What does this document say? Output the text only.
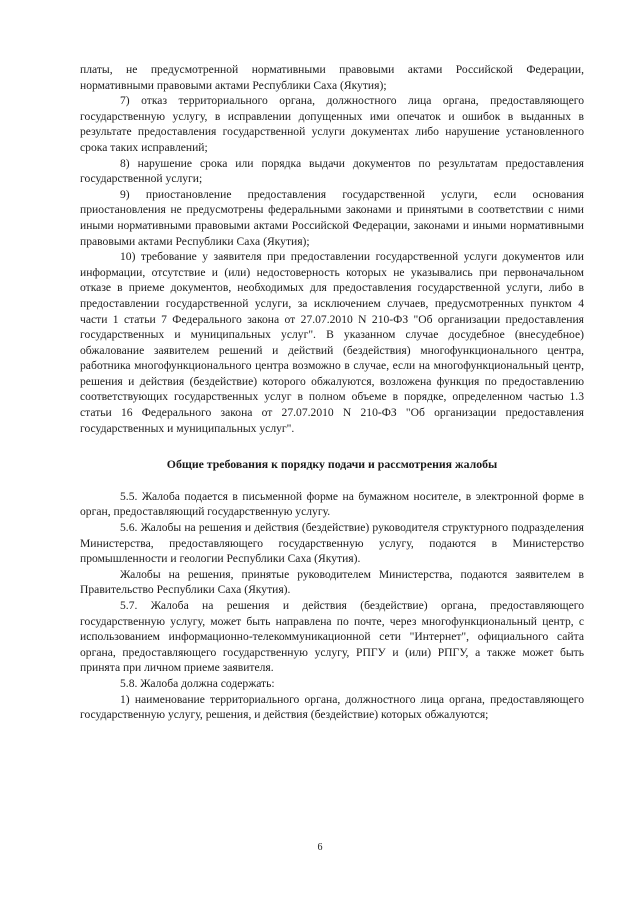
платы, не предусмотренной нормативными правовыми актами Российской Федерации, нормативными правовыми актами Республики Саха (Якутия);

7) отказ территориального органа, должностного лица органа, предоставляющего государственную услугу, в исправлении допущенных ими опечаток и ошибок в выданных в результате предоставления государственной услуги документах либо нарушение установленного срока таких исправлений;

8) нарушение срока или порядка выдачи документов по результатам предоставления государственной услуги;

9) приостановление предоставления государственной услуги, если основания приостановления не предусмотрены федеральными законами и принятыми в соответствии с ними иными нормативными правовыми актами Российской Федерации, законами и иными нормативными правовыми актами Республики Саха (Якутия);

10) требование у заявителя при предоставлении государственной услуги документов или информации, отсутствие и (или) недостоверность которых не указывались при первоначальном отказе в приеме документов, необходимых для предоставления государственной услуги, либо в предоставлении государственной услуги, за исключением случаев, предусмотренных пунктом 4 части 1 статьи 7 Федерального закона от 27.07.2010 N 210-ФЗ "Об организации предоставления государственных и муниципальных услуг". В указанном случае досудебное (внесудебное) обжалование заявителем решений и действий (бездействия) многофункционального центра, работника многофункционального центра возможно в случае, если на многофункциональный центр, решения и действия (бездействие) которого обжалуются, возложена функция по предоставлению соответствующих государственных услуг в полном объеме в порядке, определенном частью 1.3 статьи 16 Федерального закона от 27.07.2010 N 210-ФЗ "Об организации предоставления государственных и муниципальных услуг".

Общие требования к порядку подачи и рассмотрения жалобы

5.5. Жалоба подается в письменной форме на бумажном носителе, в электронной форме в орган, предоставляющий государственную услугу.

5.6. Жалобы на решения и действия (бездействие) руководителя структурного подразделения Министерства, предоставляющего государственную услугу, подаются в Министерство промышленности и геологии Республики Саха (Якутия).

Жалобы на решения, принятые руководителем Министерства, подаются заявителем в Правительство Республики Саха (Якутия).

5.7. Жалоба на решения и действия (бездействие) органа, предоставляющего государственную услугу, может быть направлена по почте, через многофункциональный центр, с использованием информационно-телекоммуникационной сети "Интернет", официального сайта органа, предоставляющего государственную услугу, РПГУ и (или) РПГУ, а также может быть принята при личном приеме заявителя.

5.8. Жалоба должна содержать:

1) наименование территориального органа, должностного лица органа, предоставляющего государственную услугу, решения, и действия (бездействие) которых обжалуются;

6
